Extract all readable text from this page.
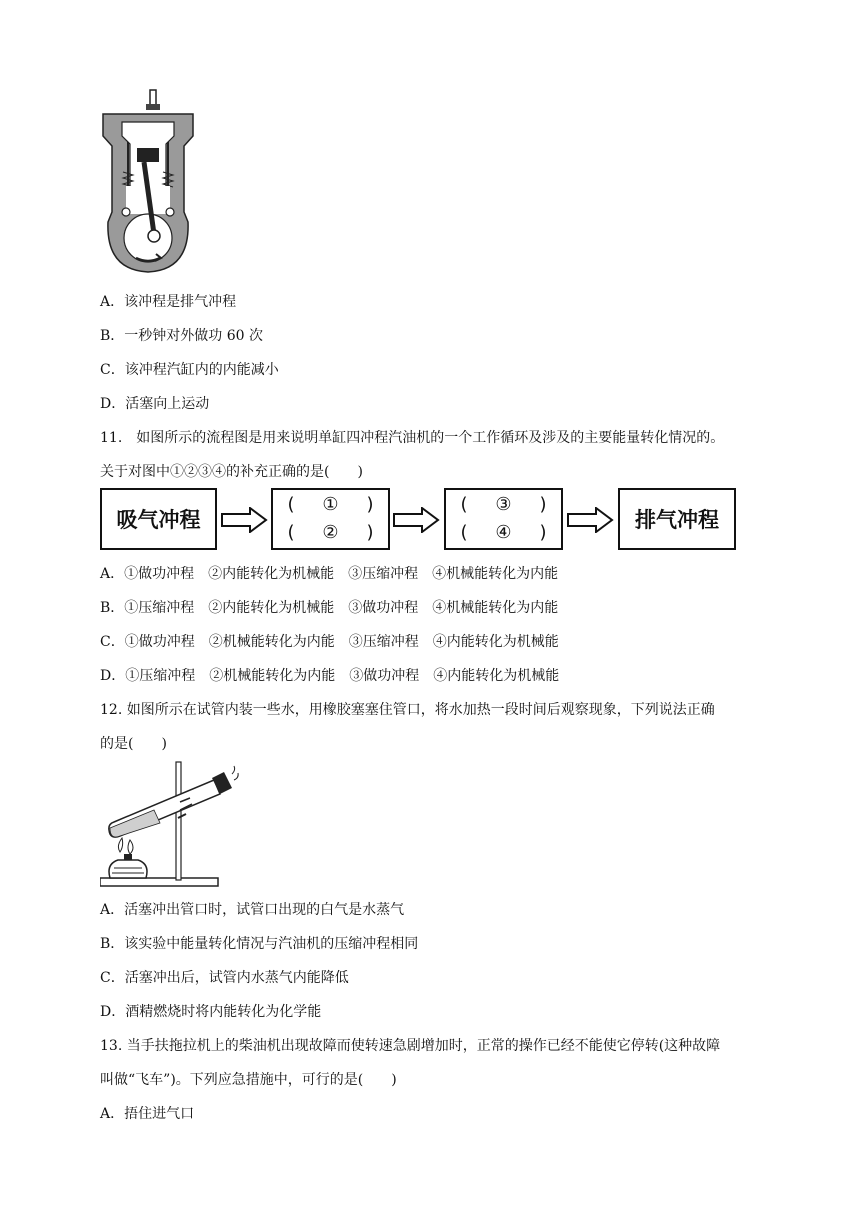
A．该冲程是排气冲程
B．一秒钟对外做功 60 次
C．该冲程汽缸内的内能减小
D．活塞向上运动
11.　如图所示的流程图是用来说明单缸四冲程汽油机的一个工作循环及涉及的主要能量转化情况的。
关于对图中①②③④的补充正确的是(　　)
吸气冲程
( ① )
( ② )
( ③ )
( ④ )
排气冲程
A．①做功冲程　②内能转化为机械能　③压缩冲程　④机械能转化为内能
B．①压缩冲程　②内能转化为机械能　③做功冲程　④机械能转化为内能
C．①做功冲程　②机械能转化为内能　③压缩冲程　④内能转化为机械能
D．①压缩冲程　②机械能转化为内能　③做功冲程　④内能转化为机械能
12. 如图所示在试管内装一些水，用橡胶塞塞住管口，将水加热一段时间后观察现象，下列说法正确
的是(　　)
A．活塞冲出管口时，试管口出现的白气是水蒸气
B．该实验中能量转化情况与汽油机的压缩冲程相同
C．活塞冲出后，试管内水蒸气内能降低
D．酒精燃烧时将内能转化为化学能
13. 当手扶拖拉机上的柴油机出现故障而使转速急剧增加时，正常的操作已经不能使它停转(这种故障
叫做“飞车”)。下列应急措施中，可行的是(　　)
A．捂住进气口
